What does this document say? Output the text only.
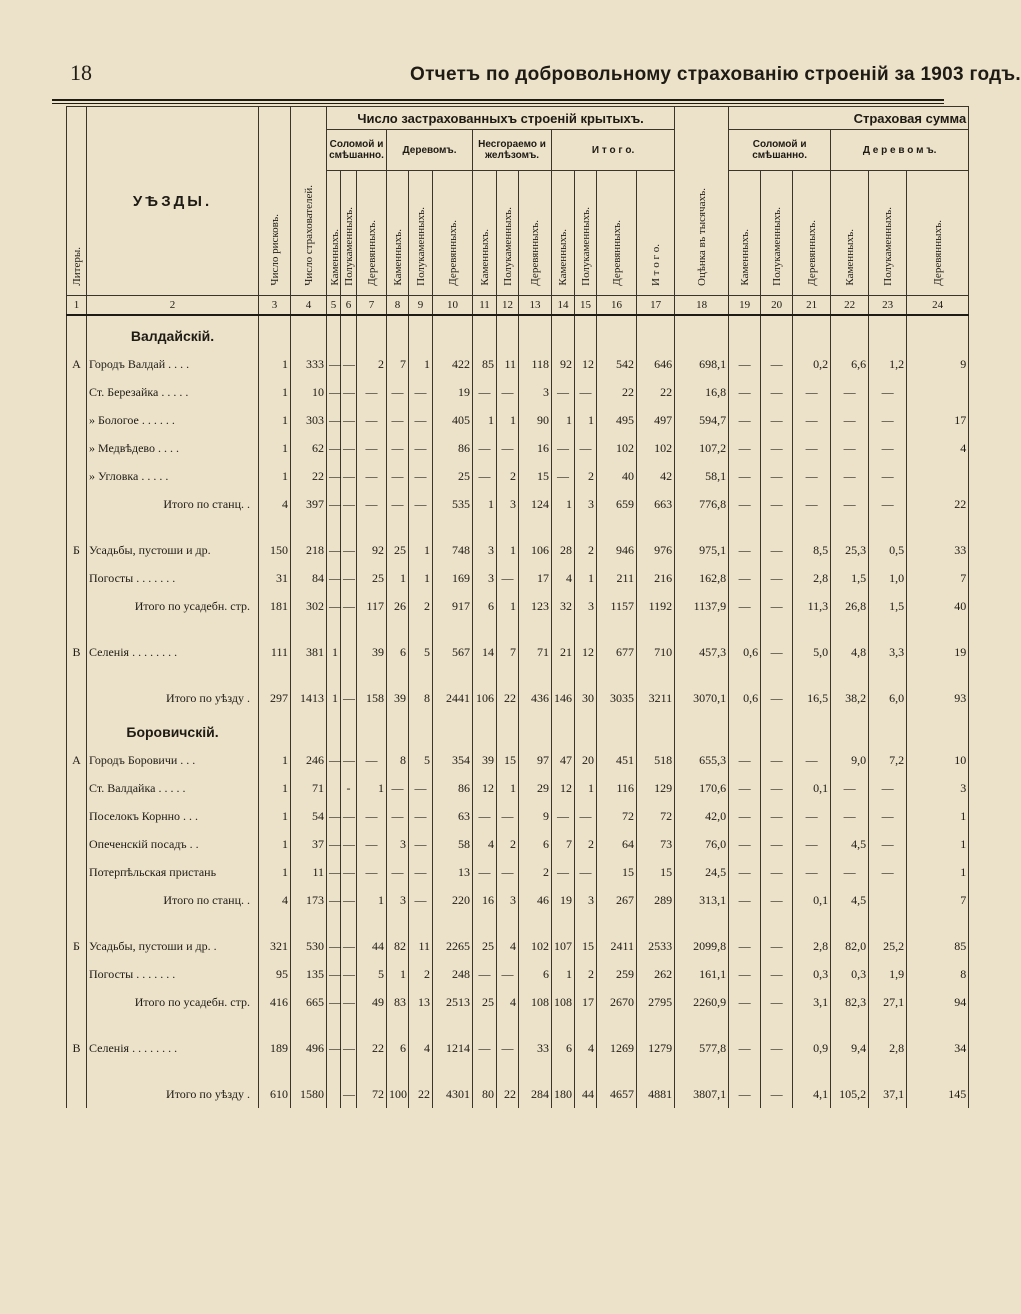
18	Отчетъ по добровольному страхованію строеній за 1903 годъ.
Литеры.	УѢЗДЫ.	Число рисковъ.	Число страхователей.	Число застрахованныхъ строеній крытыхъ.													Оцѣнка въ тысячахъ.	Страховая сумма					
				Соломой и смѣшанно.			Деревомъ.			Несгораемо и желѣзомъ.			И т о г о.					Соломой и смѣшанно.			Д е р е в о м ъ.		
				Каменныхъ.	Полукаменныхъ.	Деревянныхъ.	Каменныхъ.	Полукаменныхъ.	Деревянныхъ.	Каменныхъ.	Полукаменныхъ.	Деревянныхъ.	Каменныхъ.	Полукаменныхъ.	Деревянныхъ.	И т о г о.		Каменныхъ.	Полукаменныхъ.	Деревянныхъ.	Каменныхъ.	Полукаменныхъ.	Деревянныхъ.
1	2	3	4	5	6	7	8	9	10	11	12	13	14	15	16	17	18	19	20	21	22	23	24
	Валдайскій.																						
А	Городъ Валдай . . . .	1	333	—	—	2	7	1	422	85	11	118	92	12	542	646	698,1	—	—	0,2	6,6	1,2	9
	Ст. Березайка . . . . .	1	10	—	—	—	—	—	19	—	—	3	—	—	22	22	16,8	—	—	—	—	—	
	» Бологое . . . . . .	1	303	—	—	—	—	—	405	1	1	90	1	1	495	497	594,7	—	—	—	—	—	17
	» Медвѣдево . . . .	1	62	—	—	—	—	—	86	—	—	16	—	—	102	102	107,2	—	—	—	—	—	4
	» Угловка . . . . .	1	22	—	—	—	—	—	25	—	2	15	—	2	40	42	58,1	—	—	—	—	—	
	Итого по станц. .	4	397	—	—	—	—	—	535	1	3	124	1	3	659	663	776,8	—	—	—	—	—	22

Б	Усадьбы, пустоши и др.	150	218	—	—	92	25	1	748	3	1	106	28	2	946	976	975,1	—	—	8,5	25,3	0,5	33
	Погосты . . . . . . .	31	84	—	—	25	1	1	169	3	—	17	4	1	211	216	162,8	—	—	2,8	1,5	1,0	7
	Итого по усадебн. стр.	181	302	—	—	117	26	2	917	6	1	123	32	3	1157	1192	1137,9	—	—	11,3	26,8	1,5	40

В	Селенія . . . . . . . .	111	381	1		39	6	5	567	14	7	71	21	12	677	710	457,3	0,6	—	5,0	4,8	3,3	19

	Итого по уѣзду .	297	1413	1	—	158	39	8	2441	106	22	436	146	30	3035	3211	3070,1	0,6	—	16,5	38,2	6,0	93
	Боровичскій.																						
А	Городъ Боровичи . . .	1	246	—	—	—	8	5	354	39	15	97	47	20	451	518	655,3	—	—	—	9,0	7,2	10
	Ст. Валдайка . . . . .	1	71		-	1	—	—	86	12	1	29	12	1	116	129	170,6	—	—	0,1	—	—	3
	Поселокъ Корнно . . .	1	54	—	—	—	—	—	63	—	—	9	—	—	72	72	42,0	—	—	—	—	—	1
	Опеченскій посадъ . .	1	37	—	—	—	3	—	58	4	2	6	7	2	64	73	76,0	—	—	—	4,5	—	1
	Потерпѣльская пристань	1	11	—	—	—	—	—	13	—	—	2	—	—	15	15	24,5	—	—	—	—	—	1
	Итого по станц. .	4	173	—	—	1	3	—	220	16	3	46	19	3	267	289	313,1	—	—	0,1	4,5		7

Б	Усадьбы, пустоши и др. .	321	530	—	—	44	82	11	2265	25	4	102	107	15	2411	2533	2099,8	—	—	2,8	82,0	25,2	85
	Погосты . . . . . . .	95	135	—	—	5	1	2	248	—	—	6	1	2	259	262	161,1	—	—	0,3	0,3	1,9	8
	Итого по усадебн. стр.	416	665	—	—	49	83	13	2513	25	4	108	108	17	2670	2795	2260,9	—	—	3,1	82,3	27,1	94

В	Селенія . . . . . . . .	189	496	—	—	22	6	4	1214	—	—	33	6	4	1269	1279	577,8	—	—	0,9	9,4	2,8	34

	Итого по уѣзду .	610	1580		—	72	100	22	4301	80	22	284	180	44	4657	4881	3807,1	—	—	4,1	105,2	37,1	145
